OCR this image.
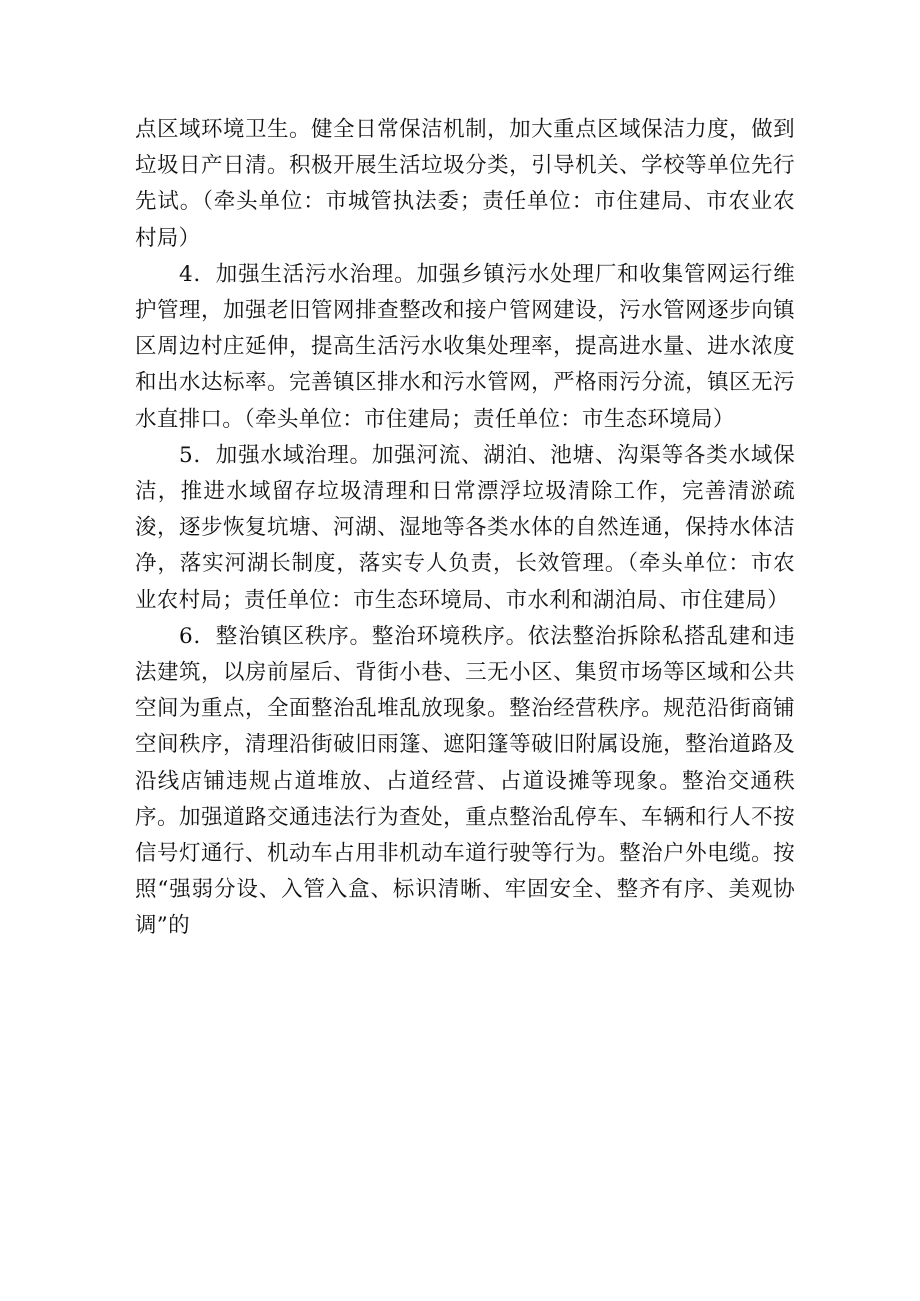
点区域环境卫生。健全日常保洁机制，加大重点区域保洁力度，做到垃圾日产日清。积极开展生活垃圾分类，引导机关、学校等单位先行先试。（牵头单位：市城管执法委；责任单位：市住建局、市农业农村局）

4．加强生活污水治理。加强乡镇污水处理厂和收集管网运行维护管理，加强老旧管网排查整改和接户管网建设，污水管网逐步向镇区周边村庄延伸，提高生活污水收集处理率，提高进水量、进水浓度和出水达标率。完善镇区排水和污水管网，严格雨污分流，镇区无污水直排口。（牵头单位：市住建局；责任单位：市生态环境局）

5．加强水域治理。加强河流、湖泊、池塘、沟渠等各类水域保洁，推进水域留存垃圾清理和日常漂浮垃圾清除工作，完善清淤疏浚，逐步恢复坑塘、河湖、湿地等各类水体的自然连通，保持水体洁净，落实河湖长制度，落实专人负责，长效管理。（牵头单位：市农业农村局；责任单位：市生态环境局、市水利和湖泊局、市住建局）

6．整治镇区秩序。整治环境秩序。依法整治拆除私搭乱建和违法建筑，以房前屋后、背街小巷、三无小区、集贸市场等区域和公共空间为重点，全面整治乱堆乱放现象。整治经营秩序。规范沿街商铺空间秩序，清理沿街破旧雨篷、遮阳篷等破旧附属设施，整治道路及沿线店铺违规占道堆放、占道经营、占道设摊等现象。整治交通秩序。加强道路交通违法行为查处，重点整治乱停车、车辆和行人不按信号灯通行、机动车占用非机动车道行驶等行为。整治户外电缆。按照“强弱分设、入管入盒、标识清晰、牢固安全、整齐有序、美观协调”的
